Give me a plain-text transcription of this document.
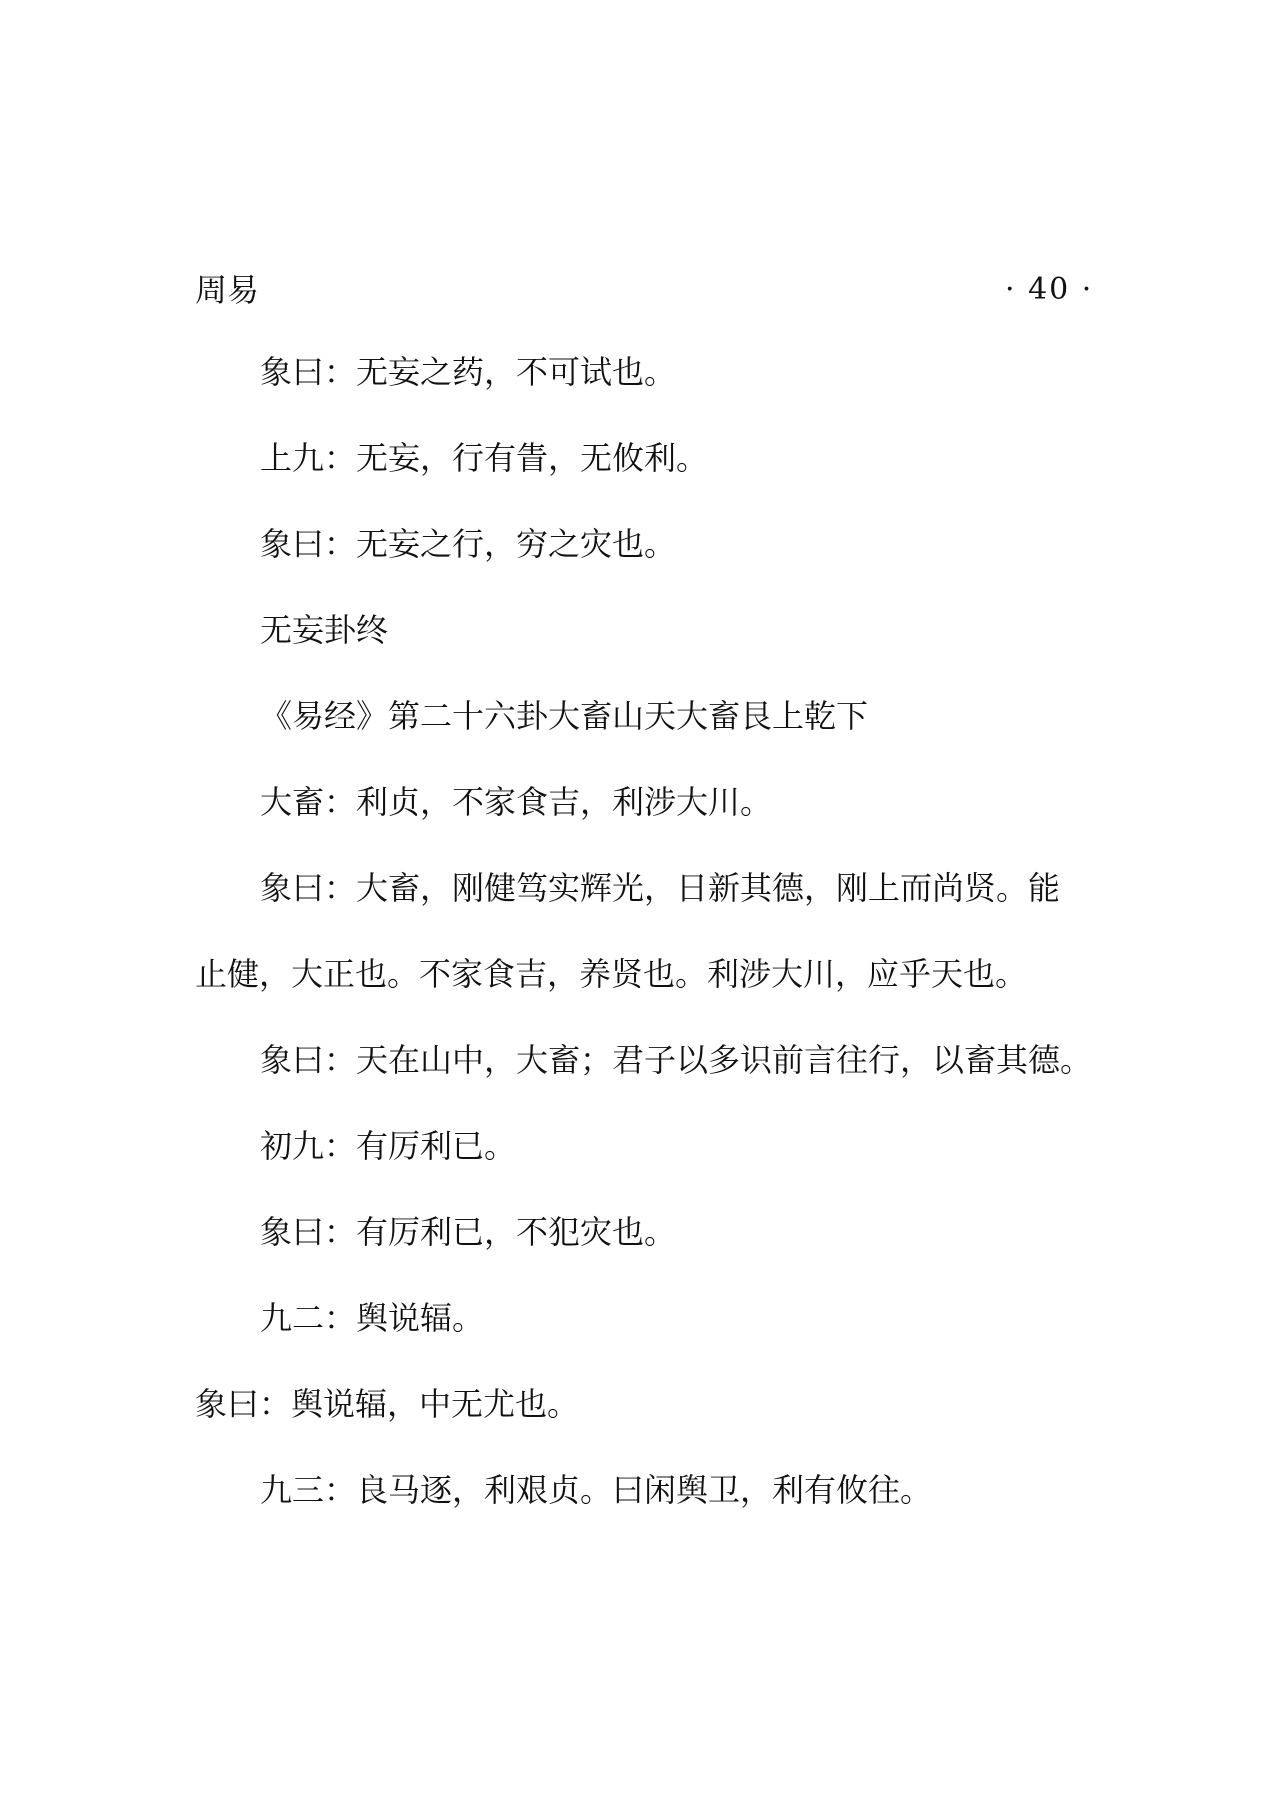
周易	· 40 ·

象曰：无妄之药，不可试也。

上九：无妄，行有眚，无攸利。

象曰：无妄之行，穷之灾也。

无妄卦终

《易经》第二十六卦大畜山天大畜艮上乾下

大畜：利贞，不家食吉，利涉大川。

象曰：大畜，刚健笃实辉光，日新其德，刚上而尚贤。能

止健，大正也。不家食吉，养贤也。利涉大川，应乎天也。

象曰：天在山中，大畜；君子以多识前言往行，以畜其德。

初九：有厉利已。

象曰：有厉利已，不犯灾也。

九二：舆说辐。

象曰：舆说辐，中无尤也。

九三：良马逐，利艰贞。曰闲舆卫，利有攸往。
